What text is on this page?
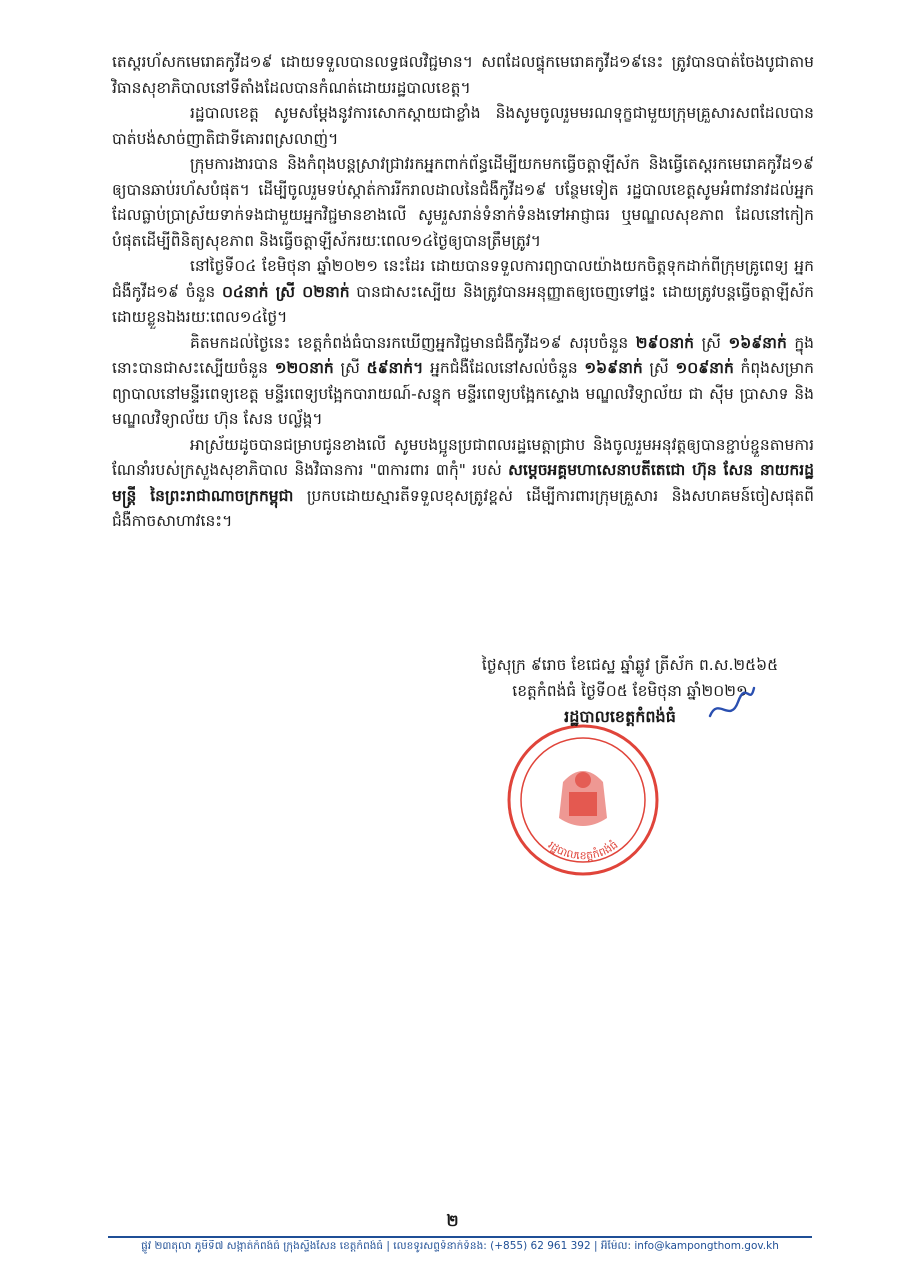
តេស្តរហ័សកមេរោគកូវីដ១៩ ដោយទទួលបានលទ្ធផលវិជ្ជមាន។ សពដែលផ្ទុកមេរោគកូវីដ១៩នេះ ត្រូវបានបាត់ចែងបូជាតាមវិធានសុខាភិបាលនៅទីតាំងដែលបានកំណត់ដោយរដ្ឋបាលខេត្ត។

រដ្ឋបាលខេត្ត សូមសម្តែងនូវការសោកស្តាយជាខ្លាំង និងសូមចូលរួមមរណទុក្ខជាមួយក្រុមគ្រួសារសពដែលបានបាត់បង់សាច់ញាតិជាទីគោរពស្រលាញ់។

ក្រុមការងារបាន និងកំពុងបន្តស្រាវជ្រាវរកអ្នកពាក់ព័ន្ធដើម្បីយកមកធ្វើចត្តាឡីស័ក និងធ្វើតេស្តរកមេរោគកូវីដ១៩ ឲ្យបានឆាប់រហ័សបំផុត។ ដើម្បីចូលរួមទប់ស្កាត់ការរីករាលដាលនៃជំងឺកូវីដ១៩ បន្ថែមទៀត រដ្ឋបាលខេត្តសូមអំពាវនាវដល់អ្នកដែលធ្លាប់ប្រាស្រ័យទាក់ទងជាមួយអ្នកវិជ្ជមានខាងលើ សូមរួសរាន់ទំនាក់ទំនងទៅអាជ្ញាធរ ឬមណ្ឌលសុខភាព ដែលនៅកៀកបំផុតដើម្បីពិនិត្យសុខភាព និងធ្វើចត្តាឡីស័ករយៈពេល១៤ថ្ងៃឲ្យបានត្រឹមត្រូវ។

នៅថ្ងៃទី០៤ ខែមិថុនា ឆ្នាំ២០២១ នេះដែរ ដោយបានទទួលការព្យាបាលយ៉ាងយកចិត្តទុកដាក់ពីក្រុមគ្រូពេទ្យ អ្នកជំងឺកូវីដ១៩ ចំនួន ០៤នាក់ ស្រី ០២នាក់ បានជាសះស្បើយ និងត្រូវបានអនុញ្ញាតឲ្យចេញទៅផ្ទះ ដោយត្រូវបន្តធ្វើចត្តាឡីស័កដោយខ្លួនឯងរយៈពេល១៤ថ្ងៃ។

គិតមកដល់ថ្ងៃនេះ ខេត្តកំពង់ធំបានរកឃើញអ្នកវិជ្ជមានជំងឺកូវីដ១៩ សរុបចំនួន ២៩០នាក់ ស្រី ១៦៩នាក់ ក្នុងនោះបានជាសះស្បើយចំនួន ១២០នាក់ ស្រី ៥៩នាក់។ អ្នកជំងឺដែលនៅសល់ចំនួន ១៦៩នាក់ ស្រី ១០៩នាក់ កំពុងសម្រាកព្យាបាលនៅមន្ទីរពេទ្យខេត្ត មន្ទីរពេទ្យបង្អែកបារាយណ៍-សន្ទុក មន្ទីរពេទ្យបង្អែកស្ទោង មណ្ឌលវិទ្យាល័យ ជា ស៊ីម ប្រាសាទ និងមណ្ឌលវិទ្យាល័យ ហ៊ុន សែន បល្ល័ង្ក។

អាស្រ័យដូចបានជម្រាបជូនខាងលើ សូមបងប្អូនប្រជាពលរដ្ឋមេត្តាជ្រាប និងចូលរួមអនុវត្តឲ្យបានខ្ជាប់ខ្ជួនតាមការណែនាំរបស់ក្រសួងសុខាភិបាល និងវិធានការ "៣ការពារ ៣កុំ" របស់ សម្តេចអគ្គមហាសេនាបតីតេជោ ហ៊ុន សែន នាយករដ្ឋមន្ត្រី នៃព្រះរាជាណាចក្រកម្ពុជា ប្រកបដោយស្មារតីទទួលខុសត្រូវខ្ពស់ ដើម្បីការពារក្រុមគ្រួសារ និងសហគមន៍ចៀសផុតពីជំងឺកាចសាហាវនេះ។

ថ្ងៃសុក្រ ៩រោច ខែជេស្ឋ ឆ្នាំឆ្លូវ ត្រីស័ក ព.ស.២៥៦៥
ខេត្តកំពង់ធំ ថ្ងៃទី០៥ ខែមិថុនា ឆ្នាំ២០២១
រដ្ឋបាលខេត្តកំពង់ធំ
រដ្ឋបាលខេត្តកំពង់ធំ
២
ផ្លូវ ២៣តុលា ភូមិទី៧ សង្កាត់កំពង់ធំ ក្រុងស្ទឹងសែន ខេត្តកំពង់ធំ | លេខទូរសព្ទទំនាក់ទំនង: (+855) 62 961 392 | អ៊ីម៉ែល: info@kampongthom.gov.kh
